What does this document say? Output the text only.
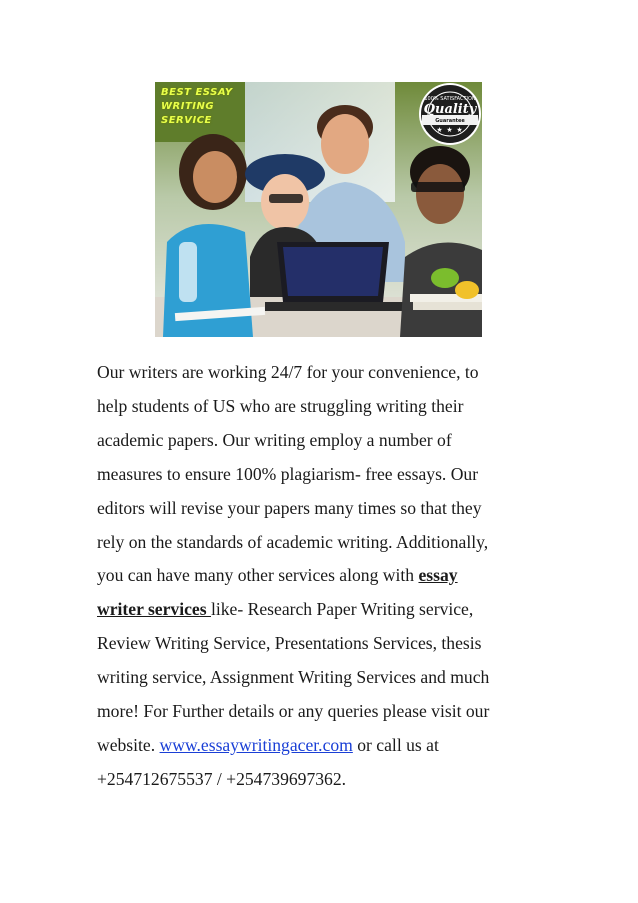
BEST ESSAY
WRITING
SERVICE
100% SATISFACTION
Quality
Guarantee
★ ★ ★
Our writers are working 24/7 for your convenience, to
help students of US who are struggling writing their
academic papers. Our writing employ a number of
measures to ensure 100% plagiarism- free essays. Our
editors will revise your papers many times so that they
rely on the standards of academic writing. Additionally,
you can have many other services along with essay
writer services like- Research Paper Writing service,
Review Writing Service, Presentations Services, thesis
writing service, Assignment Writing Services and much
more! For Further details or any queries please visit our
website. www.essaywritingacer.com or call us at
+254712675537 / +254739697362.
